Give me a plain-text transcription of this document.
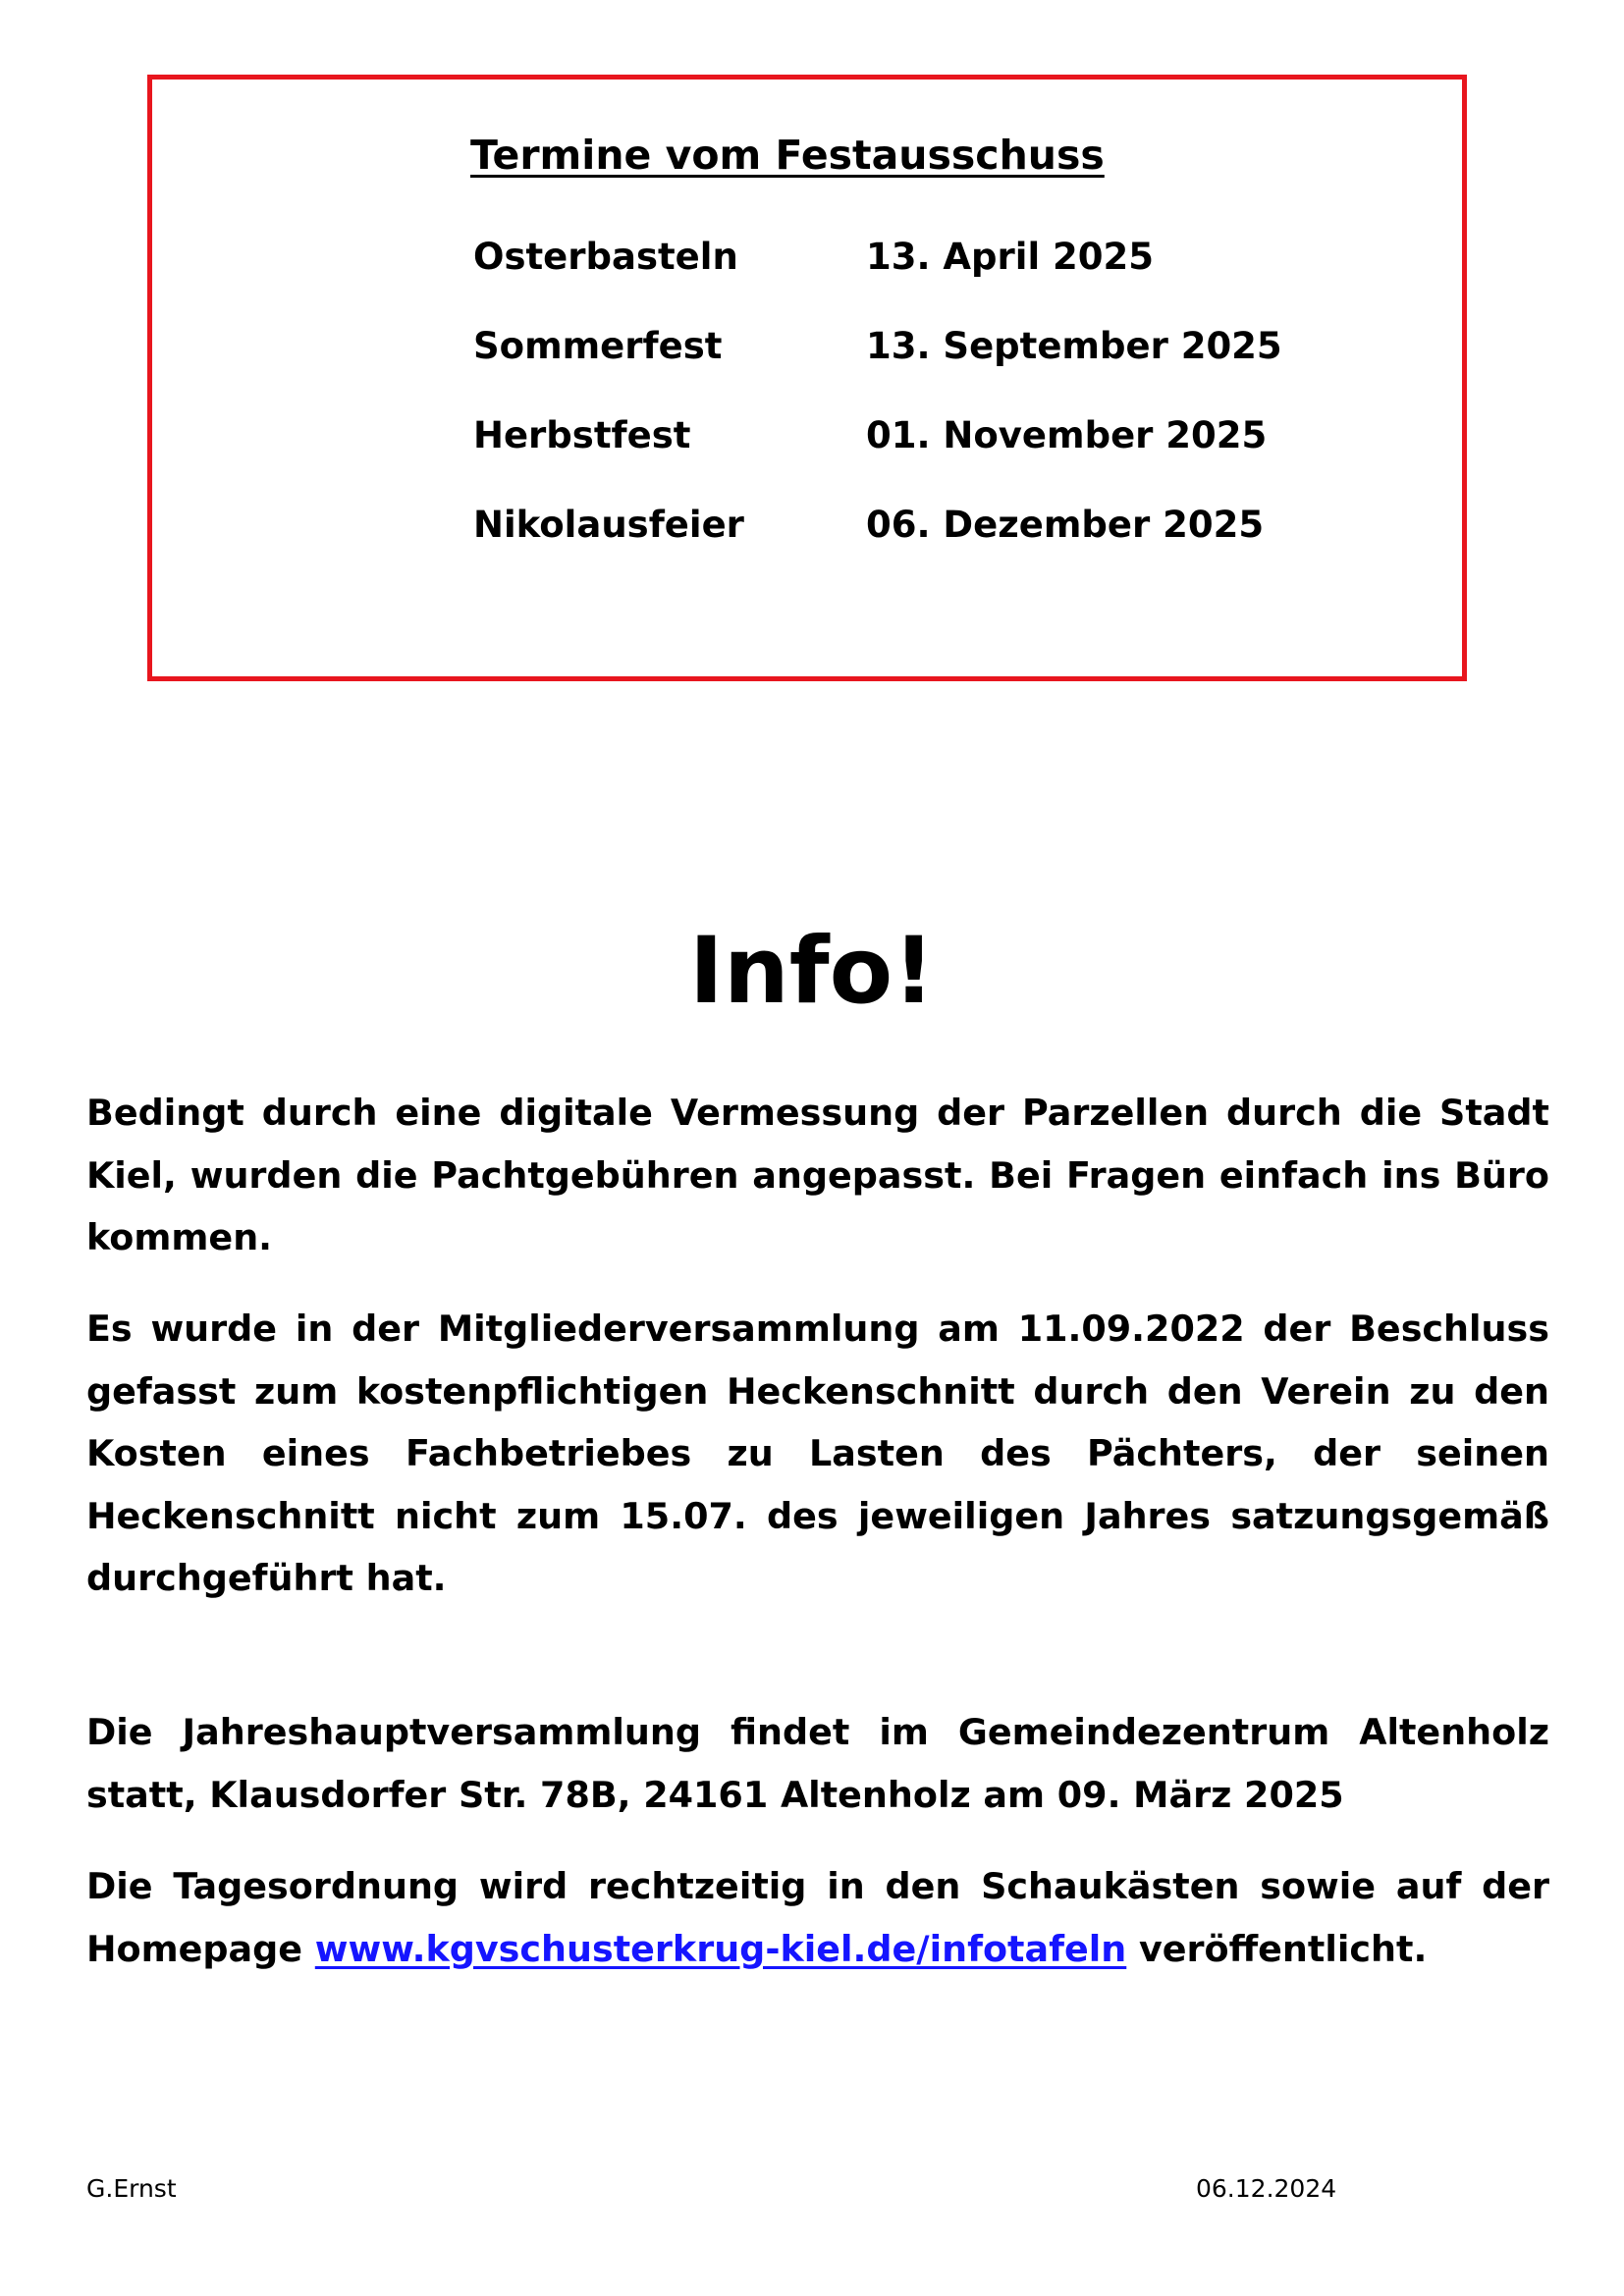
Termine vom Festausschuss
Osterbasteln	13. April 2025
Sommerfest	13. September 2025
Herbstfest	01. November 2025
Nikolausfeier	06. Dezember 2025
Info!
Bedingt durch eine digitale Vermessung der Parzellen durch die Stadt Kiel, wurden die Pachtgebühren angepasst. Bei Fragen einfach ins Büro kommen.
Es wurde in der Mitgliederversammlung am 11.09.2022 der Beschluss gefasst zum kostenpflichtigen Heckenschnitt durch den Verein zu den Kosten eines Fachbetriebes zu Lasten des Pächters, der seinen Heckenschnitt nicht zum 15.07. des jeweiligen Jahres satzungsgemäß durchgeführt hat.
Die Jahreshauptversammlung findet im Gemeindezentrum Altenholz statt, Klausdorfer Str. 78B, 24161 Altenholz am 09. März 2025
Die Tagesordnung wird rechtzeitig in den Schaukästen sowie auf der Homepage www.kgvschusterkrug-kiel.de/infotafeln veröffentlicht.
G.Ernst	06.12.2024
